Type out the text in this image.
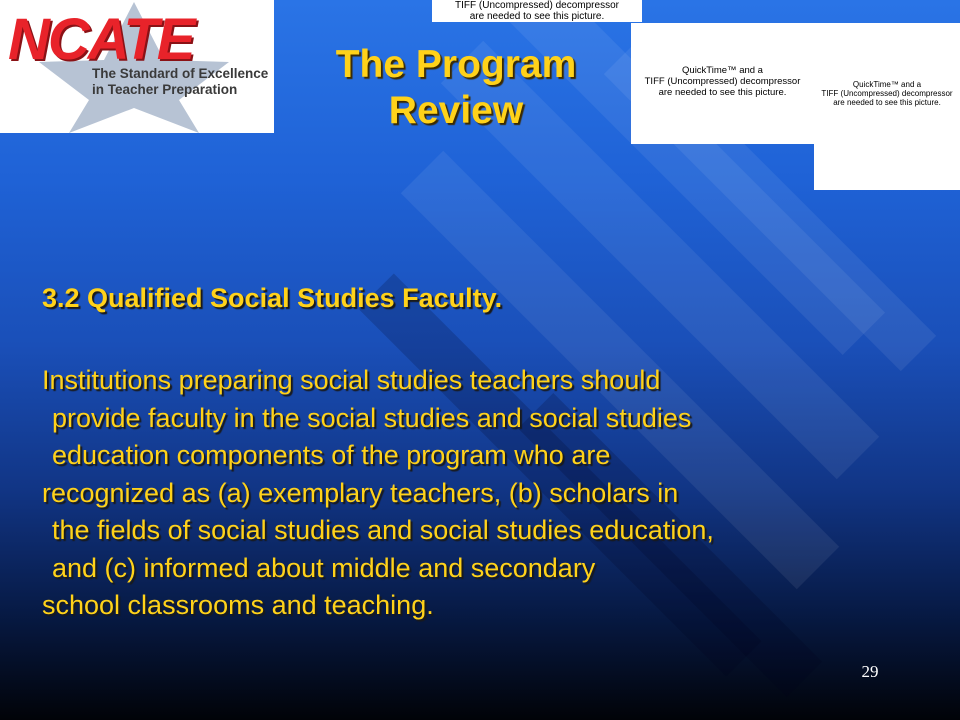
NCATE
The Standard of Excellence
in Teacher Preparation
The Program
Review
TIFF (Uncompressed) decompressor
are needed to see this picture.
QuickTime™ and a
TIFF (Uncompressed) decompressor
are needed to see this picture.
QuickTime™ and a
TIFF (Uncompressed) decompressor
are needed to see this picture.

3.2 Qualified Social Studies Faculty.

Institutions preparing social studies teachers should
provide faculty in the social studies and social studies
education components of the program who are
recognized as (a) exemplary teachers, (b) scholars in
the fields of social studies and social studies education,
and (c) informed about middle and secondary
school classrooms and teaching.

29
